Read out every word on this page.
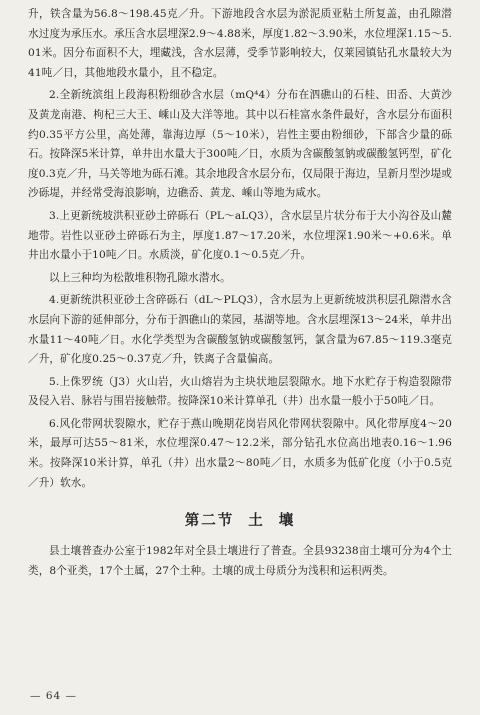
升，铁含量为56.8～198.45克／升。下游地段含水层为淤泥质亚粘土所复盖，由孔隙潜水过度为承压水。承压含水层埋深2.9～4.88米，厚度1.82～3.90米，水位埋深1.15～5.01米。因分布面积不大，埋藏浅，含水层薄，受季节影响较大，仅莱园镇钻孔水量较大为41吨／日，其他地段水量小，且不稳定。

2.全新统滨组上段海积粉细砂含水层（mQ⁴4）分布在泗礁山的石桂、田岙、大黄沙及黄龙南港、枸杞三大王、嵊山及大洋等地。其中以石桂富水条件最好，含水层分布面积约0.35平方公里，高处薄，靠海边厚（5～10米），岩性主要由粉细砂，下部含少量的砾石。按降深5米计算，单井出水量大于300吨／日，水质为含碳酸氢钠或碳酸氢钙型，矿化度0.3克／升，马关等地为砾石滩。其余地段含水层分布，仅局限于海边，呈新月型沙堤或沙砾堤，并经常受海浪影响，边礁岙、黄龙、嵊山等地为咸水。

3.上更新统坡洪积亚砂土碎砾石（PL～aLQ3），含水层呈片状分布于大小沟谷及山麓地带。岩性以亚砂土碎砾石为主，厚度1.87～17.20米，水位埋深1.90米～+0.6米。单井出水量小于10吨／日。水质淡，矿化度0.1～0.5克／升。

以上三种均为松散堆积物孔隙水潜水。

4.更新统洪积亚砂土含碎砾石（dL～PLQ3），含水层为上更新统坡洪积层孔隙潜水含水层向下游的延伸部分，分布于泗礁山的菜园，基湖等地。含水层埋深13～24米，单井出水量11～40吨／日。水化学类型为含碳酸氢钠或碳酸氢钙，氯含量为67.85～119.3毫克／升，矿化度0.25～0.37克／升，铁离子含量偏高。

5.上侏罗统（J3）火山岩，火山熔岩为主块状地层裂隙水。地下水贮存于构造裂隙带及侵入岩、脉岩与围岩接触带。按降深10米计算单孔（井）出水量一般小于50吨／日。

6.风化带网状裂隙水，贮存于燕山晚期花岗岩风化带网状裂隙中。风化带厚度4～20米，最厚可达55～81米，水位埋深0.47～12.2米，部分钻孔水位高出地表0.16～1.96米。按降深10米计算，单孔（井）出水量2～80吨／日，水质多为低矿化度（小于0.5克／升）软水。

第二节 土 壤

县土壤普查办公室于1982年对全县土壤进行了普查。全县93238亩土壤可分为4个土类，8个亚类，17个土属，27个土种。土壤的成土母质分为浅积和运积两类。

— 64 —
